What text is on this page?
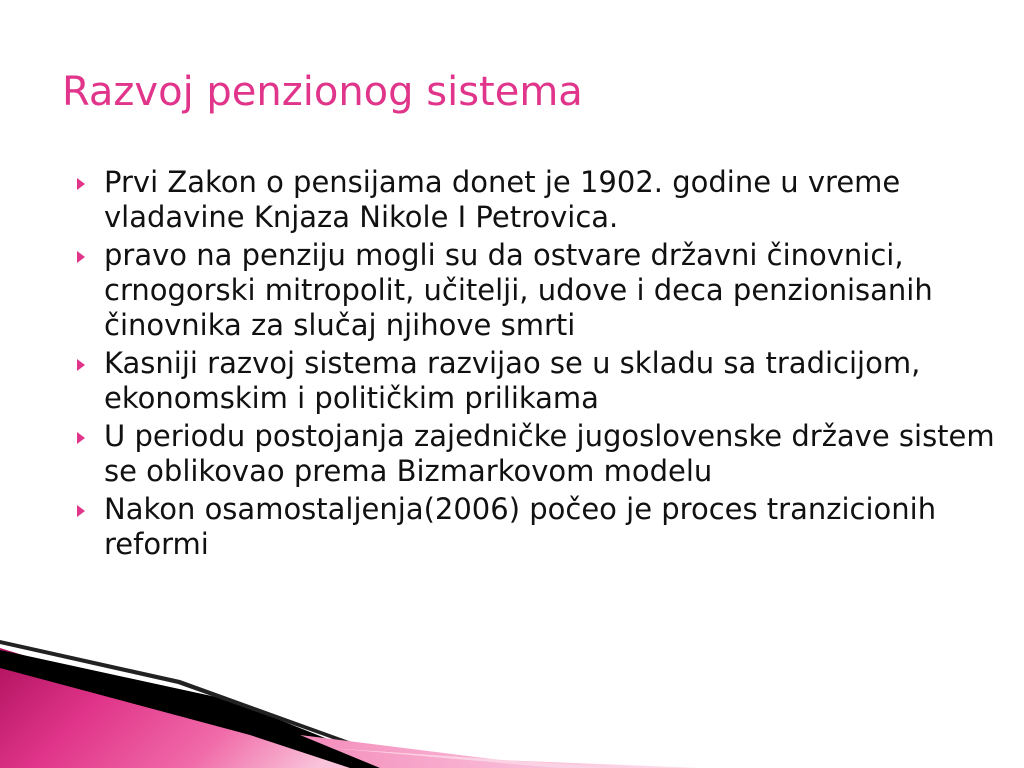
Razvoj penzionog sistema
Prvi Zakon o pensijama donet je 1902. godine u vreme vladavine Knjaza Nikole I Petrovica.
pravo na penziju mogli su da ostvare državni činovnici, crnogorski mitropolit, učitelji, udove i deca penzionisanih činovnika za slučaj njihove smrti
Kasniji razvoj sistema razvijao se u skladu sa tradicijom, ekonomskim i političkim prilikama
U periodu postojanja zajedničke jugoslovenske države sistem se oblikovao prema Bizmarkovom modelu
Nakon osamostaljenja(2006) počeo je proces tranzicionih reformi
